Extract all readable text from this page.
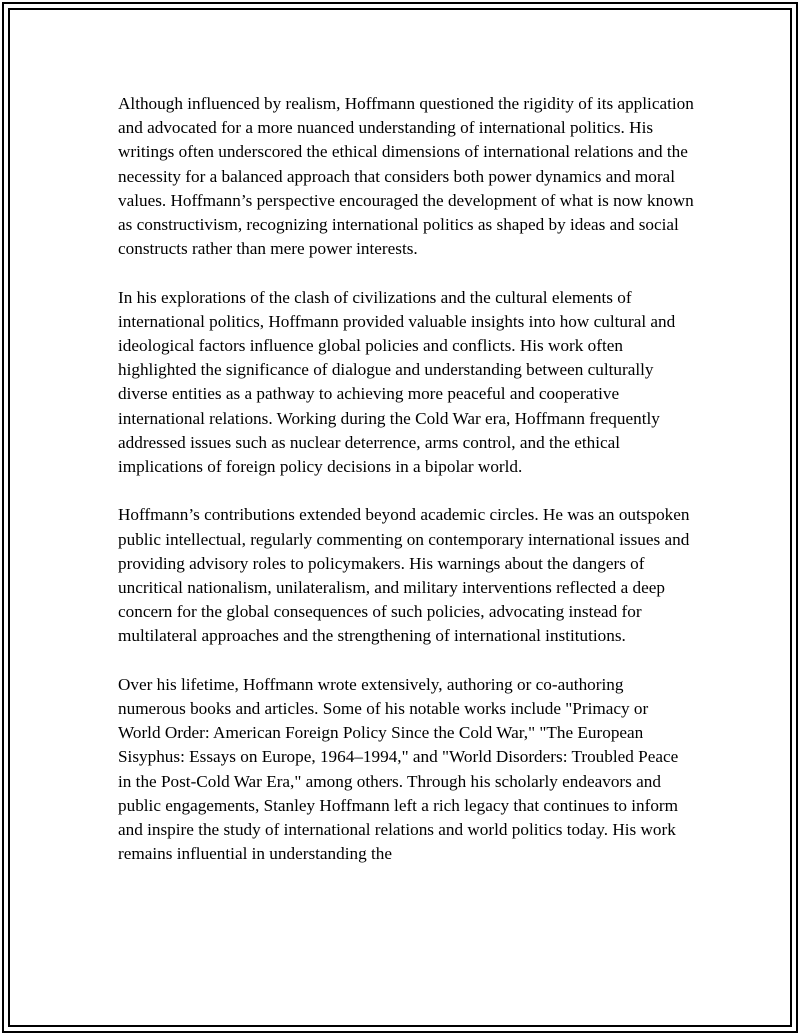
Although influenced by realism, Hoffmann questioned the rigidity of its application and advocated for a more nuanced understanding of international politics. His writings often underscored the ethical dimensions of international relations and the necessity for a balanced approach that considers both power dynamics and moral values. Hoffmann’s perspective encouraged the development of what is now known as constructivism, recognizing international politics as shaped by ideas and social constructs rather than mere power interests.

In his explorations of the clash of civilizations and the cultural elements of international politics, Hoffmann provided valuable insights into how cultural and ideological factors influence global policies and conflicts. His work often highlighted the significance of dialogue and understanding between culturally diverse entities as a pathway to achieving more peaceful and cooperative international relations. Working during the Cold War era, Hoffmann frequently addressed issues such as nuclear deterrence, arms control, and the ethical implications of foreign policy decisions in a bipolar world.

Hoffmann’s contributions extended beyond academic circles. He was an outspoken public intellectual, regularly commenting on contemporary international issues and providing advisory roles to policymakers. His warnings about the dangers of uncritical nationalism, unilateralism, and military interventions reflected a deep concern for the global consequences of such policies, advocating instead for multilateral approaches and the strengthening of international institutions.

Over his lifetime, Hoffmann wrote extensively, authoring or co-authoring numerous books and articles. Some of his notable works include "Primacy or World Order: American Foreign Policy Since the Cold War," "The European Sisyphus: Essays on Europe, 1964–1994," and "World Disorders: Troubled Peace in the Post-Cold War Era," among others. Through his scholarly endeavors and public engagements, Stanley Hoffmann left a rich legacy that continues to inform and inspire the study of international relations and world politics today. His work remains influential in understanding the
